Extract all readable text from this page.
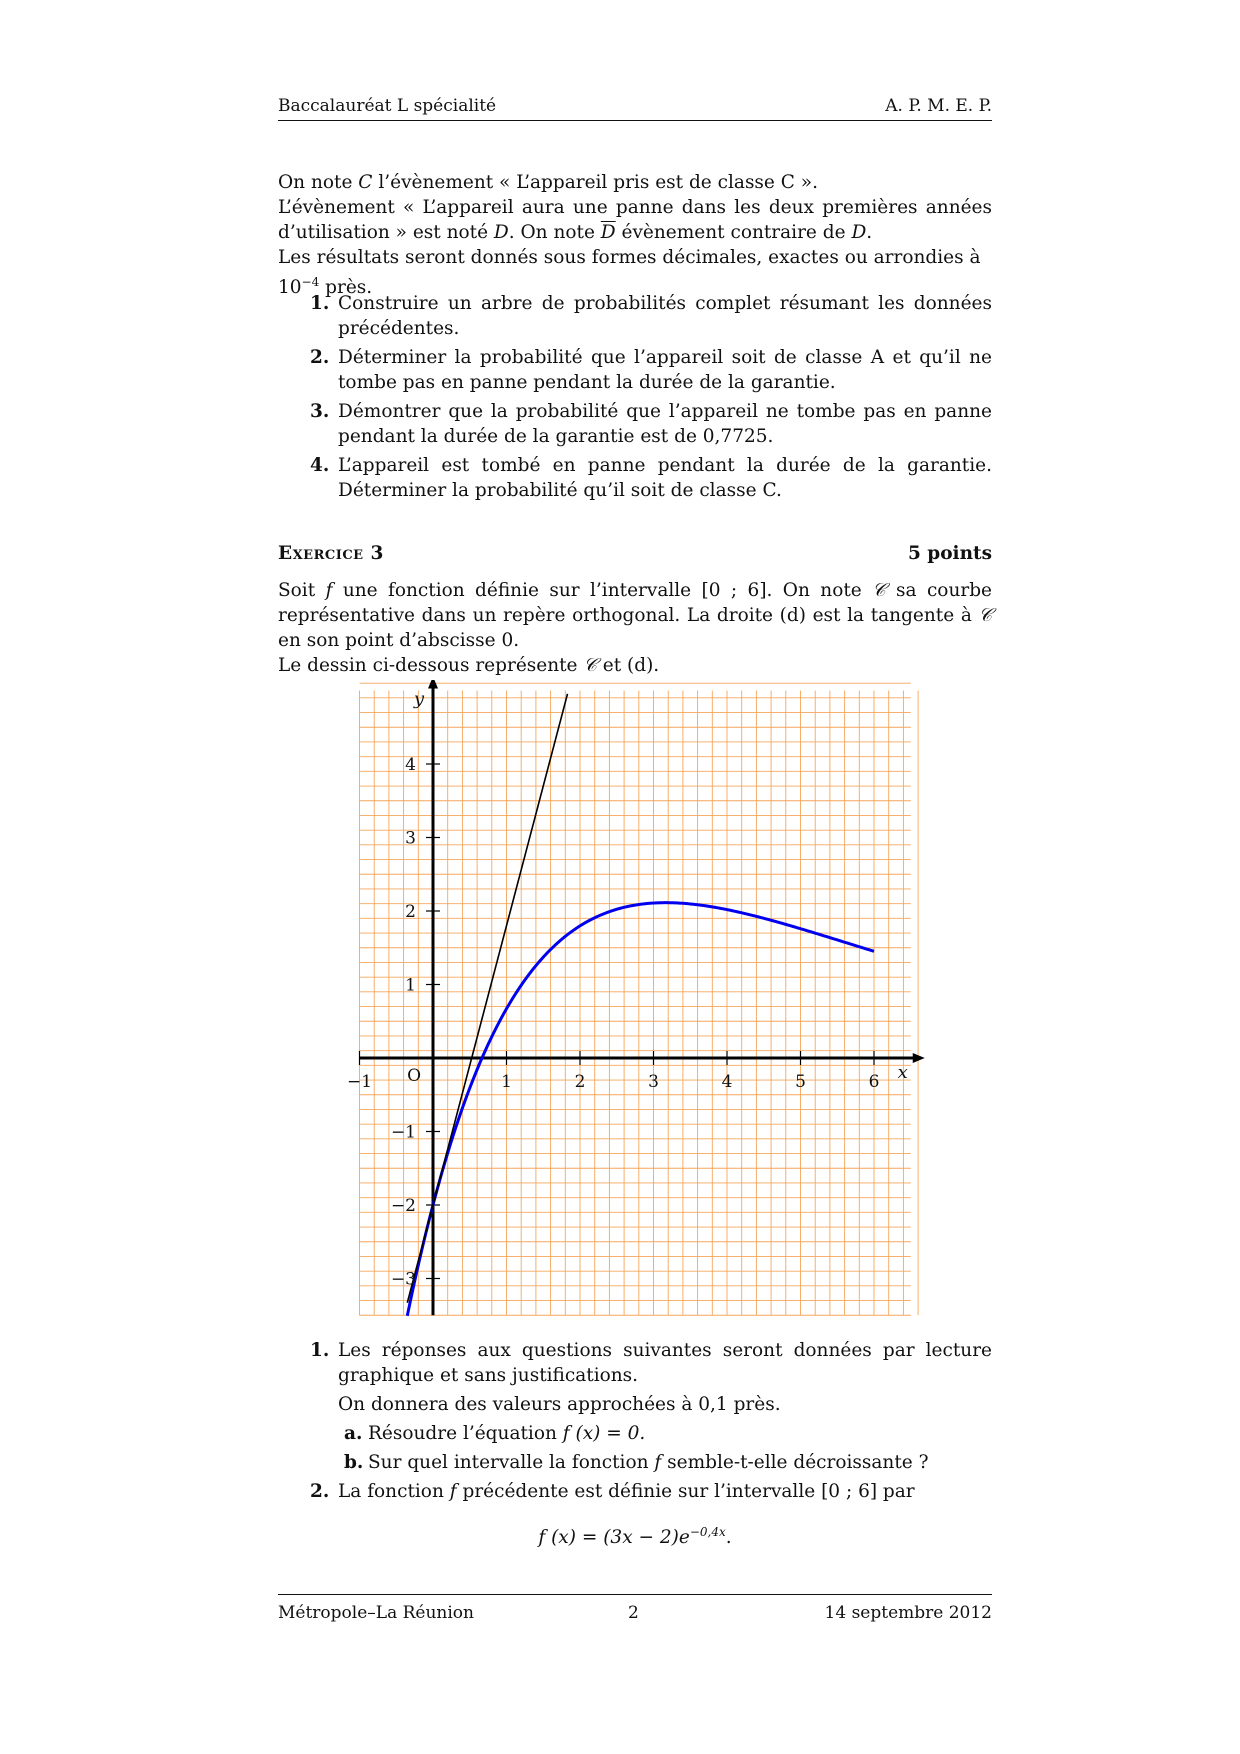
Baccalauréat L spécialité	A. P. M. E. P.

On note C l’évènement « L’appareil pris est de classe C ».

L’évènement « L’appareil aura une panne dans les deux premières années d’utilisation » est noté D. On note $\overline{D}$ évènement contraire de D.

Les résultats seront donnés sous formes décimales, exactes ou arrondies à $10^{-4}$ près.

1. Construire un arbre de probabilités complet résumant les données précédentes.
2. Déterminer la probabilité que l’appareil soit de classe A et qu’il ne tombe pas en panne pendant la durée de la garantie.
3. Démontrer que la probabilité que l’appareil ne tombe pas en panne pendant la durée de la garantie est de 0,7725.
4. L’appareil est tombé en panne pendant la durée de la garantie. Déterminer la probabilité qu’il soit de classe C.
Exercice 3	5 points

Soit f une fonction définie sur l’intervalle [0 ; 6]. On note 𝒞 sa courbe représentative dans un repère orthogonal. La droite (d) est la tangente à 𝒞 en son point d’abscisse 0.

Le dessin ci-dessous représente 𝒞 et (d).

−1	1	2	3	4	5	6
−3
−2
−1
1
2
3
4
O	x
y
1. Les réponses aux questions suivantes seront données par lecture graphique et sans justifications.
On donnera des valeurs approchées à 0,1 près.
a. Résoudre l’équation f (x) = 0.
b. Sur quel intervalle la fonction f semble-t-elle décroissante ?
2. La fonction f précédente est définie sur l’intervalle [0 ; 6] par
f $(x) = (3x - 2)e^{-0,4x}$.
Métropole–La Réunion	2	14 septembre 2012
